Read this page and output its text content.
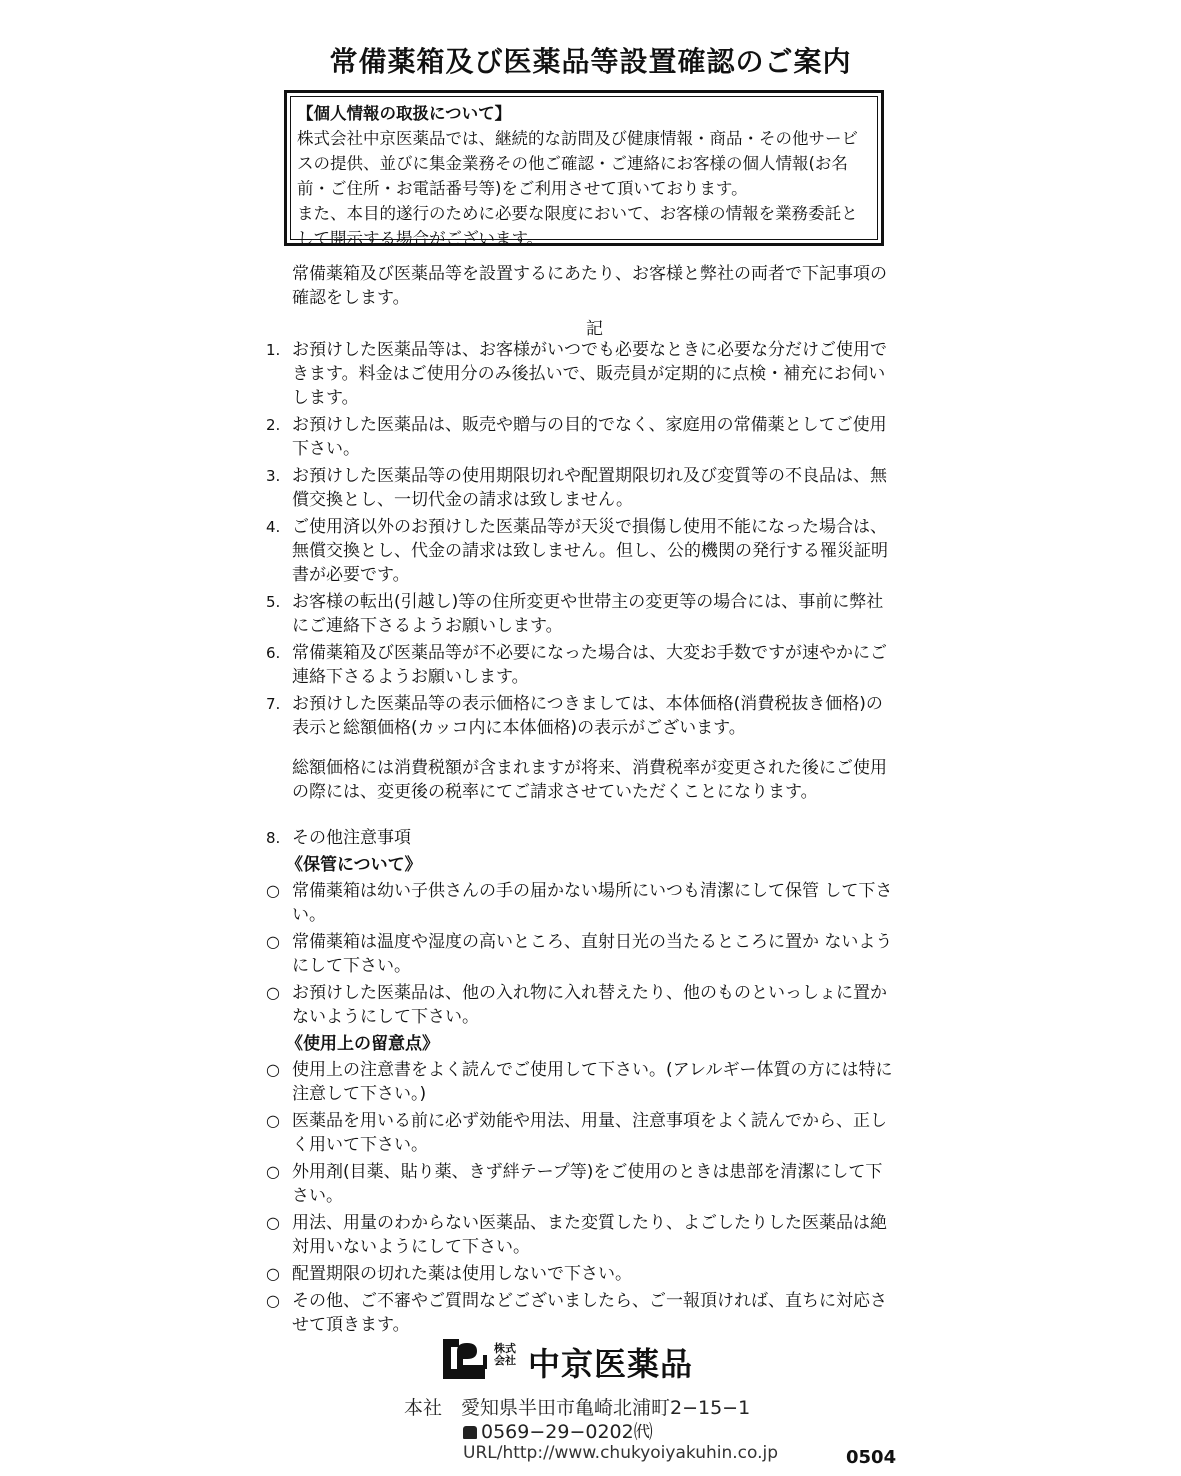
常備薬箱及び医薬品等設置確認のご案内
【個人情報の取扱について】

株式会社中京医薬品では、継続的な訪問及び健康情報・商品・その他サービスの提供、並びに集金業務その他ご確認・ご連絡にお客様の個人情報(お名前・ご住所・お電話番号等)をご利用させて頂いております。

また、本目的遂行のために必要な限度において、お客様の情報を業務委託として開示する場合がございます。

常備薬箱及び医薬品等を設置するにあたり、お客様と弊社の両者で下記事項の確認をします。
記
1. お預けした医薬品等は、お客様がいつでも必要なときに必要な分だけご使用できます。料金はご使用分のみ後払いで、販売員が定期的に点検・補充にお伺いします。
2. お預けした医薬品は、販売や贈与の目的でなく、家庭用の常備薬としてご使用下さい。
3. お預けした医薬品等の使用期限切れや配置期限切れ及び変質等の不良品は、無償交換とし、一切代金の請求は致しません。
4. ご使用済以外のお預けした医薬品等が天災で損傷し使用不能になった場合は、無償交換とし、代金の請求は致しません。但し、公的機関の発行する罹災証明書が必要です。
5. お客様の転出(引越し)等の住所変更や世帯主の変更等の場合には、事前に弊社にご連絡下さるようお願いします。
6. 常備薬箱及び医薬品等が不必要になった場合は、大変お手数ですが速やかにご連絡下さるようお願いします。
7. お預けした医薬品等の表示価格につきましては、本体価格(消費税抜き価格)の表示と総額価格(カッコ内に本体価格)の表示がございます。
総額価格には消費税額が含まれますが将来、消費税率が変更された後にご使用の際には、変更後の税率にてご請求させていただくことになります。
8. その他注意事項
《保管について》
○ 常備薬箱は幼い子供さんの手の届かない場所にいつも清潔にして保管 して下さい。
○ 常備薬箱は温度や湿度の高いところ、直射日光の当たるところに置か ないようにして下さい。
○ お預けした医薬品は、他の入れ物に入れ替えたり、他のものといっしょに置かないようにして下さい。
《使用上の留意点》
○ 使用上の注意書をよく読んでご使用して下さい。(アレルギー体質の方には特に注意して下さい。)
○ 医薬品を用いる前に必ず効能や用法、用量、注意事項をよく読んでから、正しく用いて下さい。
○ 外用剤(目薬、貼り薬、きず絆テープ等)をご使用のときは患部を清潔にして下さい。
○ 用法、用量のわからない医薬品、また変質したり、よごしたりした医薬品は絶対用いないようにして下さい。
○ 配置期限の切れた薬は使用しないで下さい。
○ その他、ご不審やご質問などございましたら、ご一報頂ければ、直ちに対応させて頂きます。
株式会社 中京医薬品
本社　愛知県半田市亀崎北浦町2−15−1
0569−29−0202㈹
URL/http://www.chukyoiyakuhin.co.jp	0504
